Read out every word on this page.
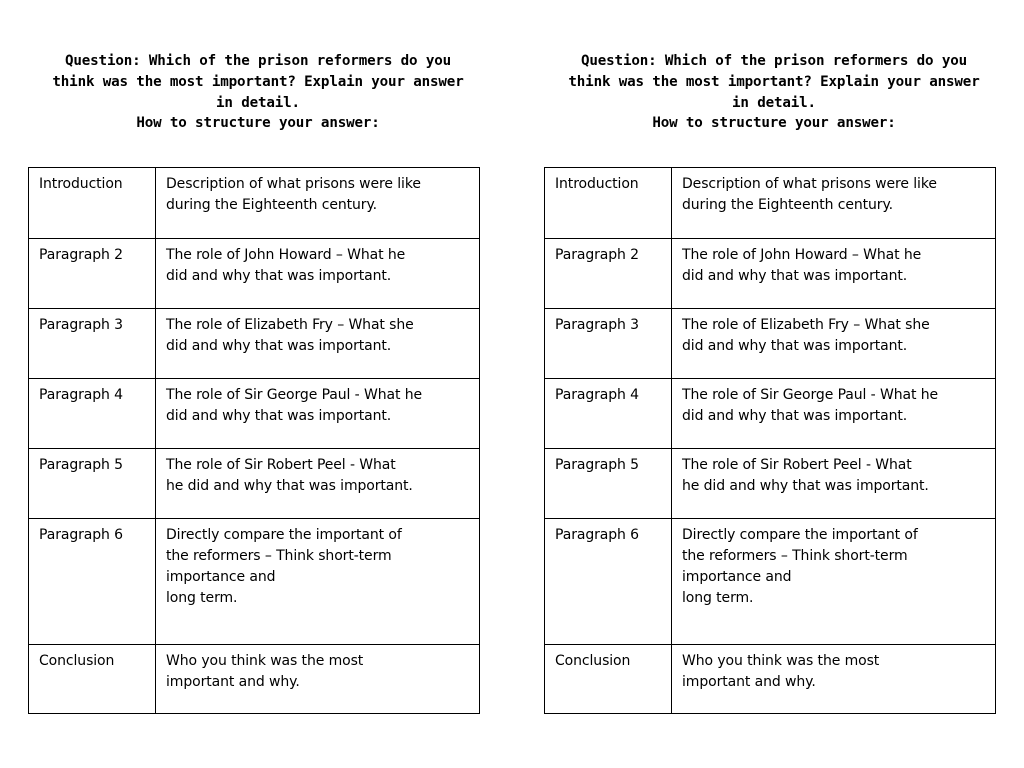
Question: Which of the prison reformers do you
think was the most important? Explain your answer
in detail.
How to structure your answer:
Introduction	Description of what prisons were like
during the Eighteenth century.
Paragraph 2	The role of John Howard – What he
did and why that was important.
Paragraph 3	The role of Elizabeth Fry – What she
did and why that was important.
Paragraph 4	The role of Sir George Paul - What he
did and why that was important.
Paragraph 5	The role of Sir Robert Peel - What
he did and why that was important.
Paragraph 6	Directly compare the important of
the reformers – Think short-term
importance and
long term.
Conclusion	Who you think was the most
important and why.
Question: Which of the prison reformers do you
think was the most important? Explain your answer
in detail.
How to structure your answer:
Introduction	Description of what prisons were like
during the Eighteenth century.
Paragraph 2	The role of John Howard – What he
did and why that was important.
Paragraph 3	The role of Elizabeth Fry – What she
did and why that was important.
Paragraph 4	The role of Sir George Paul - What he
did and why that was important.
Paragraph 5	The role of Sir Robert Peel - What
he did and why that was important.
Paragraph 6	Directly compare the important of
the reformers – Think short-term
importance and
long term.
Conclusion	Who you think was the most
important and why.
